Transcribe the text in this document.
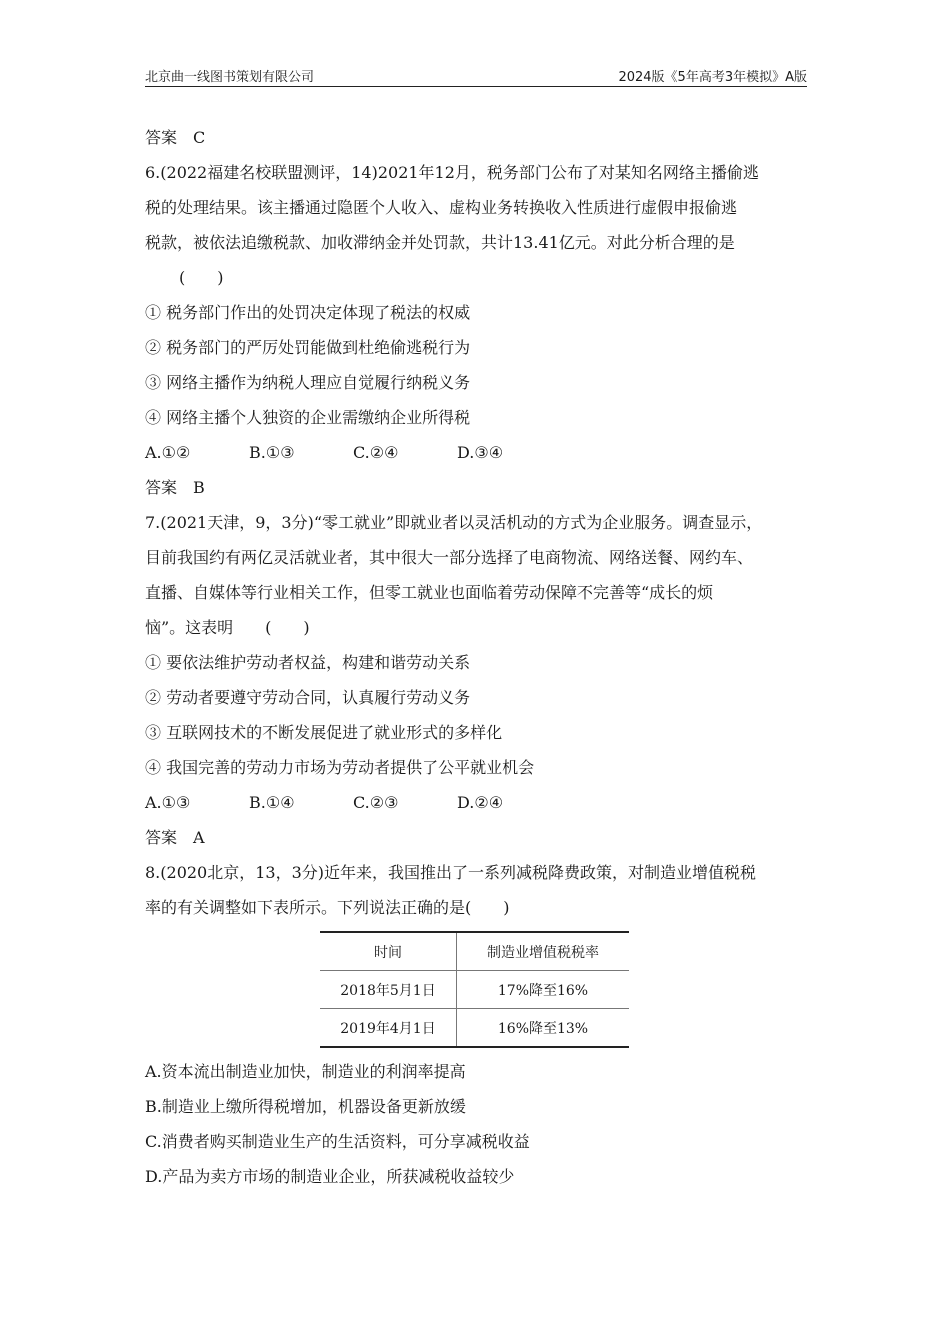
北京曲一线图书策划有限公司	2024版《5年高考3年模拟》A版
答案　C
6.(2022福建名校联盟测评，14)2021年12月，税务部门公布了对某知名网络主播偷逃
税的处理结果。该主播通过隐匿个人收入、虚构业务转换收入性质进行虚假申报偷逃
税款，被依法追缴税款、加收滞纳金并处罚款，共计13.41亿元。对此分析合理的是
(　　)
① 税务部门作出的处罚决定体现了税法的权威
② 税务部门的严厉处罚能做到杜绝偷逃税行为
③ 网络主播作为纳税人理应自觉履行纳税义务
④ 网络主播个人独资的企业需缴纳企业所得税
A.①②	B.①③	C.②④	D.③④
答案　B
7.(2021天津，9，3分)“零工就业”即就业者以灵活机动的方式为企业服务。调查显示，
目前我国约有两亿灵活就业者，其中很大一部分选择了电商物流、网络送餐、网约车、
直播、自媒体等行业相关工作，但零工就业也面临着劳动保障不完善等“成长的烦
恼”。这表明　　(　　)
① 要依法维护劳动者权益，构建和谐劳动关系
② 劳动者要遵守劳动合同，认真履行劳动义务
③ 互联网技术的不断发展促进了就业形式的多样化
④ 我国完善的劳动力市场为劳动者提供了公平就业机会
A.①③	B.①④	C.②③	D.②④
答案　A
8.(2020北京，13，3分)近年来，我国推出了一系列减税降费政策，对制造业增值税税
率的有关调整如下表所示。下列说法正确的是(　　)
时间	制造业增值税税率
2018年5月1日	17%降至16%
2019年4月1日	16%降至13%
A.资本流出制造业加快，制造业的利润率提高
B.制造业上缴所得税增加，机器设备更新放缓
C.消费者购买制造业生产的生活资料，可分享减税收益
D.产品为卖方市场的制造业企业，所获减税收益较少
